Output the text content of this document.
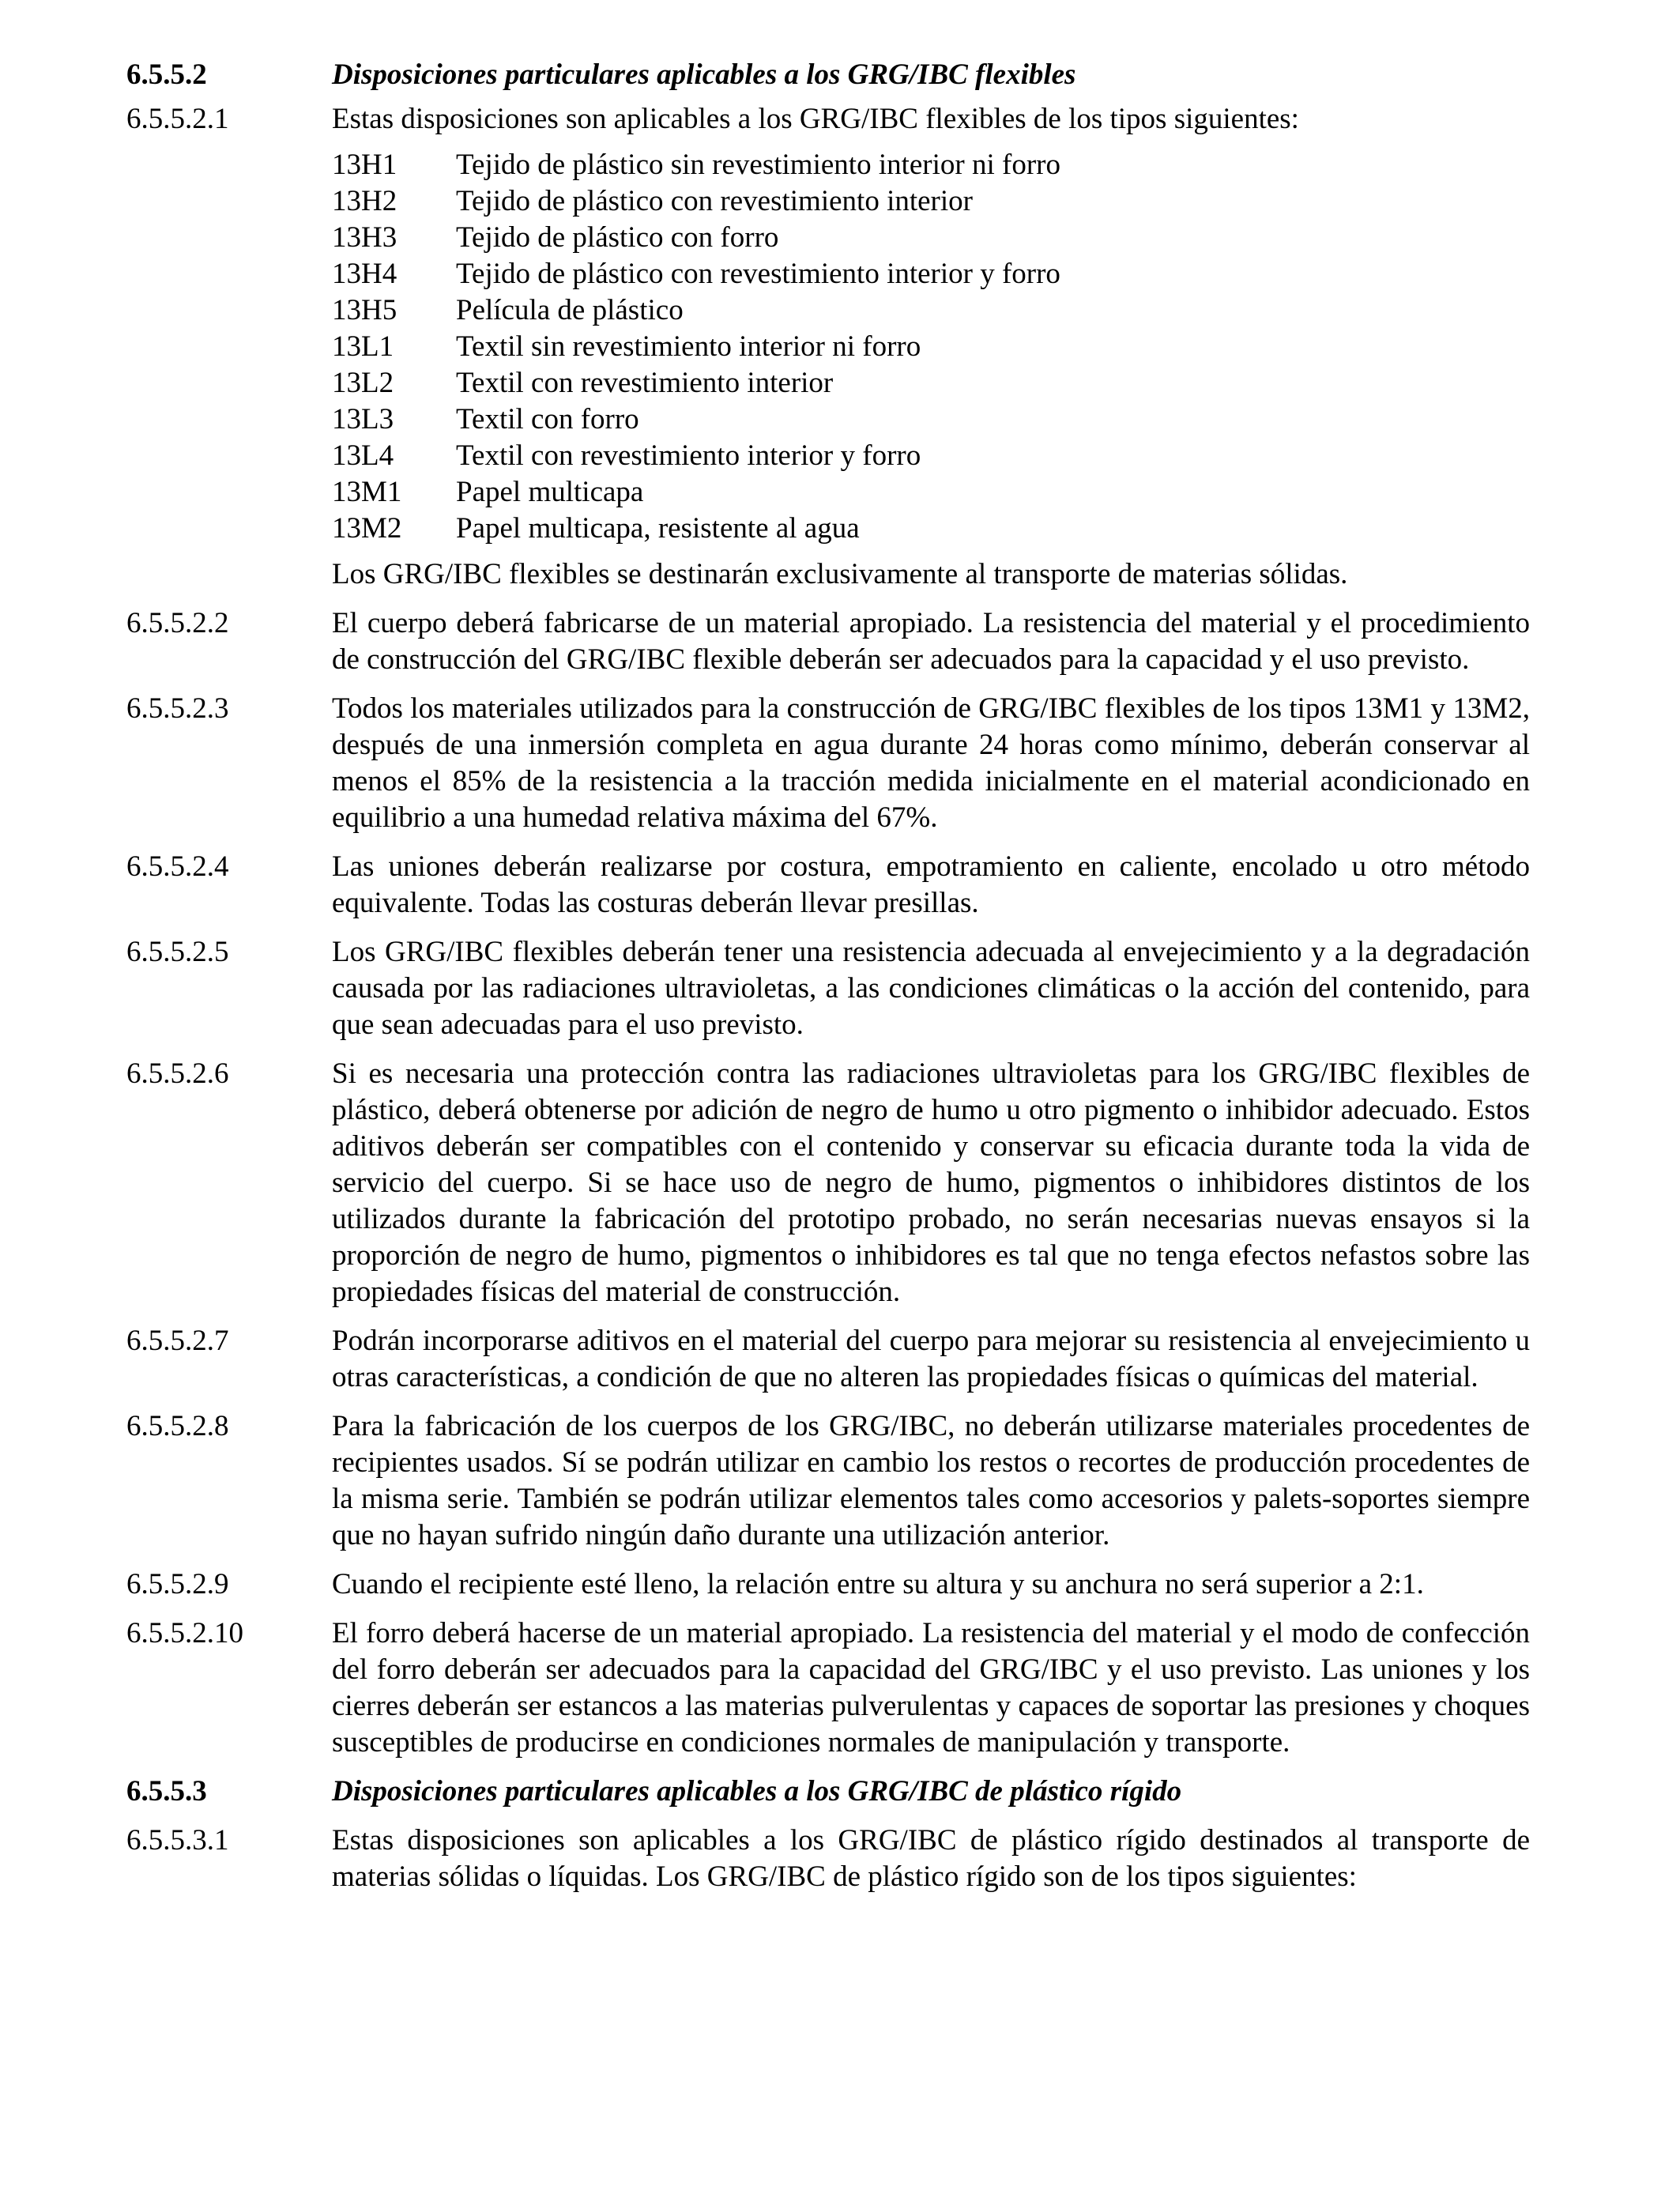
6.5.5.2	Disposiciones particulares aplicables a los GRG/IBC flexibles
6.5.5.2.1	Estas disposiciones son aplicables a los GRG/IBC flexibles de los tipos siguientes:
13H1	Tejido de plástico sin revestimiento interior ni forro
13H2	Tejido de plástico con revestimiento interior
13H3	Tejido de plástico con forro
13H4	Tejido de plástico con revestimiento interior y forro
13H5	Película de plástico
13L1	Textil sin revestimiento interior ni forro
13L2	Textil con revestimiento interior
13L3	Textil con forro
13L4	Textil con revestimiento interior y forro
13M1	Papel multicapa
13M2	Papel multicapa, resistente al agua
Los GRG/IBC flexibles se destinarán exclusivamente al transporte de materias sólidas.
6.5.5.2.2	El cuerpo deberá fabricarse de un material apropiado. La resistencia del material y el procedimiento de construcción del GRG/IBC flexible deberán ser adecuados para la capacidad y el uso previsto.
6.5.5.2.3	Todos los materiales utilizados para la construcción de GRG/IBC flexibles de los tipos 13M1 y 13M2, después de una inmersión completa en agua durante 24 horas como mínimo, deberán conservar al menos el 85% de la resistencia a la tracción medida inicialmente en el material acondicionado en equilibrio a una humedad relativa máxima del 67%.
6.5.5.2.4	Las uniones deberán realizarse por costura, empotramiento en caliente, encolado u otro método equivalente. Todas las costuras deberán llevar presillas.
6.5.5.2.5	Los GRG/IBC flexibles deberán tener una resistencia adecuada al envejecimiento y a la degradación causada por las radiaciones ultravioletas, a las condiciones climáticas o la acción del contenido, para que sean adecuadas para el uso previsto.
6.5.5.2.6	Si es necesaria una protección contra las radiaciones ultravioletas para los GRG/IBC flexibles de plástico, deberá obtenerse por adición de negro de humo u otro pigmento o inhibidor adecuado. Estos aditivos deberán ser compatibles con el contenido y conservar su eficacia durante toda la vida de servicio del cuerpo. Si se hace uso de negro de humo, pigmentos o inhibidores distintos de los utilizados durante la fabricación del prototipo probado, no serán necesarias nuevas ensayos si la proporción de negro de humo, pigmentos o inhibidores es tal que no tenga efectos nefastos sobre las propiedades físicas del material de construcción.
6.5.5.2.7	Podrán incorporarse aditivos en el material del cuerpo para mejorar su resistencia al envejecimiento u otras características, a condición de que no alteren las propiedades físicas o químicas del material.
6.5.5.2.8	Para la fabricación de los cuerpos de los GRG/IBC, no deberán utilizarse materiales procedentes de recipientes usados. Sí se podrán utilizar en cambio los restos o recortes de producción procedentes de la misma serie. También se podrán utilizar elementos tales como accesorios y palets-soportes siempre que no hayan sufrido ningún daño durante una utilización anterior.
6.5.5.2.9	Cuando el recipiente esté lleno, la relación entre su altura y su anchura no será superior a 2:1.
6.5.5.2.10	El forro deberá hacerse de un material apropiado. La resistencia del material y el modo de confección del forro deberán ser adecuados para la capacidad del GRG/IBC y el uso previsto. Las uniones y los cierres deberán ser estancos a las materias pulverulentas y capaces de soportar las presiones y choques susceptibles de producirse en condiciones normales de manipulación y transporte.
6.5.5.3	Disposiciones particulares aplicables a los GRG/IBC de plástico rígido
6.5.5.3.1	Estas disposiciones son aplicables a los GRG/IBC de plástico rígido destinados al transporte de materias sólidas o líquidas. Los GRG/IBC de plástico rígido son de los tipos siguientes:
